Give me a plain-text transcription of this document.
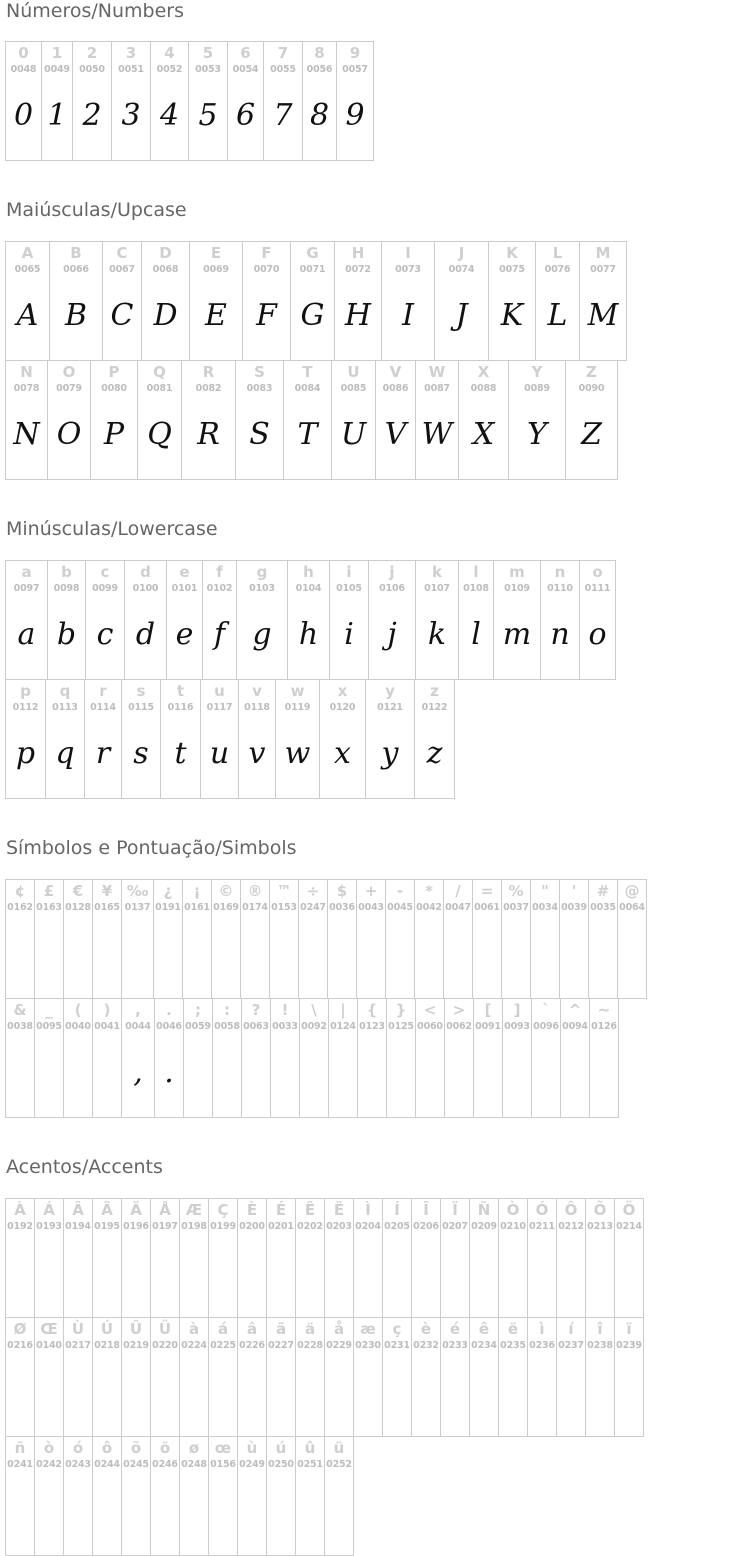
Números/Numbers
0
0048
0
1
0049
1
2
0050
2
3
0051
3
4
0052
4
5
0053
5
6
0054
6
7
0055
7
8
0056
8
9
0057
9
Maiúsculas/Upcase
A
0065
A
B
0066
B
C
0067
C
D
0068
D
E
0069
E
F
0070
F
G
0071
G
H
0072
H
I
0073
I
J
0074
J
K
0075
K
L
0076
L
M
0077
M
N
0078
N
O
0079
O
P
0080
P
Q
0081
Q
R
0082
R
S
0083
S
T
0084
T
U
0085
U
V
0086
V
W
0087
W
X
0088
X
Y
0089
Y
Z
0090
Z
Minúsculas/Lowercase
a
0097
a
b
0098
b
c
0099
c
d
0100
d
e
0101
e
f
0102
f
g
0103
g
h
0104
h
i
0105
i
j
0106
j
k
0107
k
l
0108
l
m
0109
m
n
0110
n
o
0111
o
p
0112
p
q
0113
q
r
0114
r
s
0115
s
t
0116
t
u
0117
u
v
0118
v
w
0119
w
x
0120
x
y
0121
y
z
0122
z
Símbolos e Pontuação/Simbols
¢
0162
£
0163
€
0128
¥
0165
‰
0137
¿
0191
¡
0161
©
0169
®
0174
™
0153
÷
0247
$
0036
+
0043
-
0045
*
0042
/
0047
=
0061
%
0037
"
0034
'
0039
#
0035
@
0064
&
0038
_
0095
(
0040
)
0041
,
0044
,
.
0046
.
;
0059
:
0058
?
0063
!
0033
\
0092
|
0124
{
0123
}
0125
<
0060
>
0062
[
0091
]
0093
`
0096
^
0094
~
0126
Acentos/Accents
À
0192
Á
0193
Â
0194
Ã
0195
Ä
0196
Å
0197
Æ
0198
Ç
0199
È
0200
É
0201
Ê
0202
Ë
0203
Ì
0204
Í
0205
Î
0206
Ï
0207
Ñ
0209
Ò
0210
Ó
0211
Ô
0212
Õ
0213
Ö
0214
Ø
0216
Œ
0140
Ù
0217
Ú
0218
Û
0219
Ü
0220
à
0224
á
0225
â
0226
ã
0227
ä
0228
å
0229
æ
0230
ç
0231
è
0232
é
0233
ê
0234
ë
0235
ì
0236
í
0237
î
0238
ï
0239
ñ
0241
ò
0242
ó
0243
ô
0244
õ
0245
ö
0246
ø
0248
œ
0156
ù
0249
ú
0250
û
0251
ü
0252
